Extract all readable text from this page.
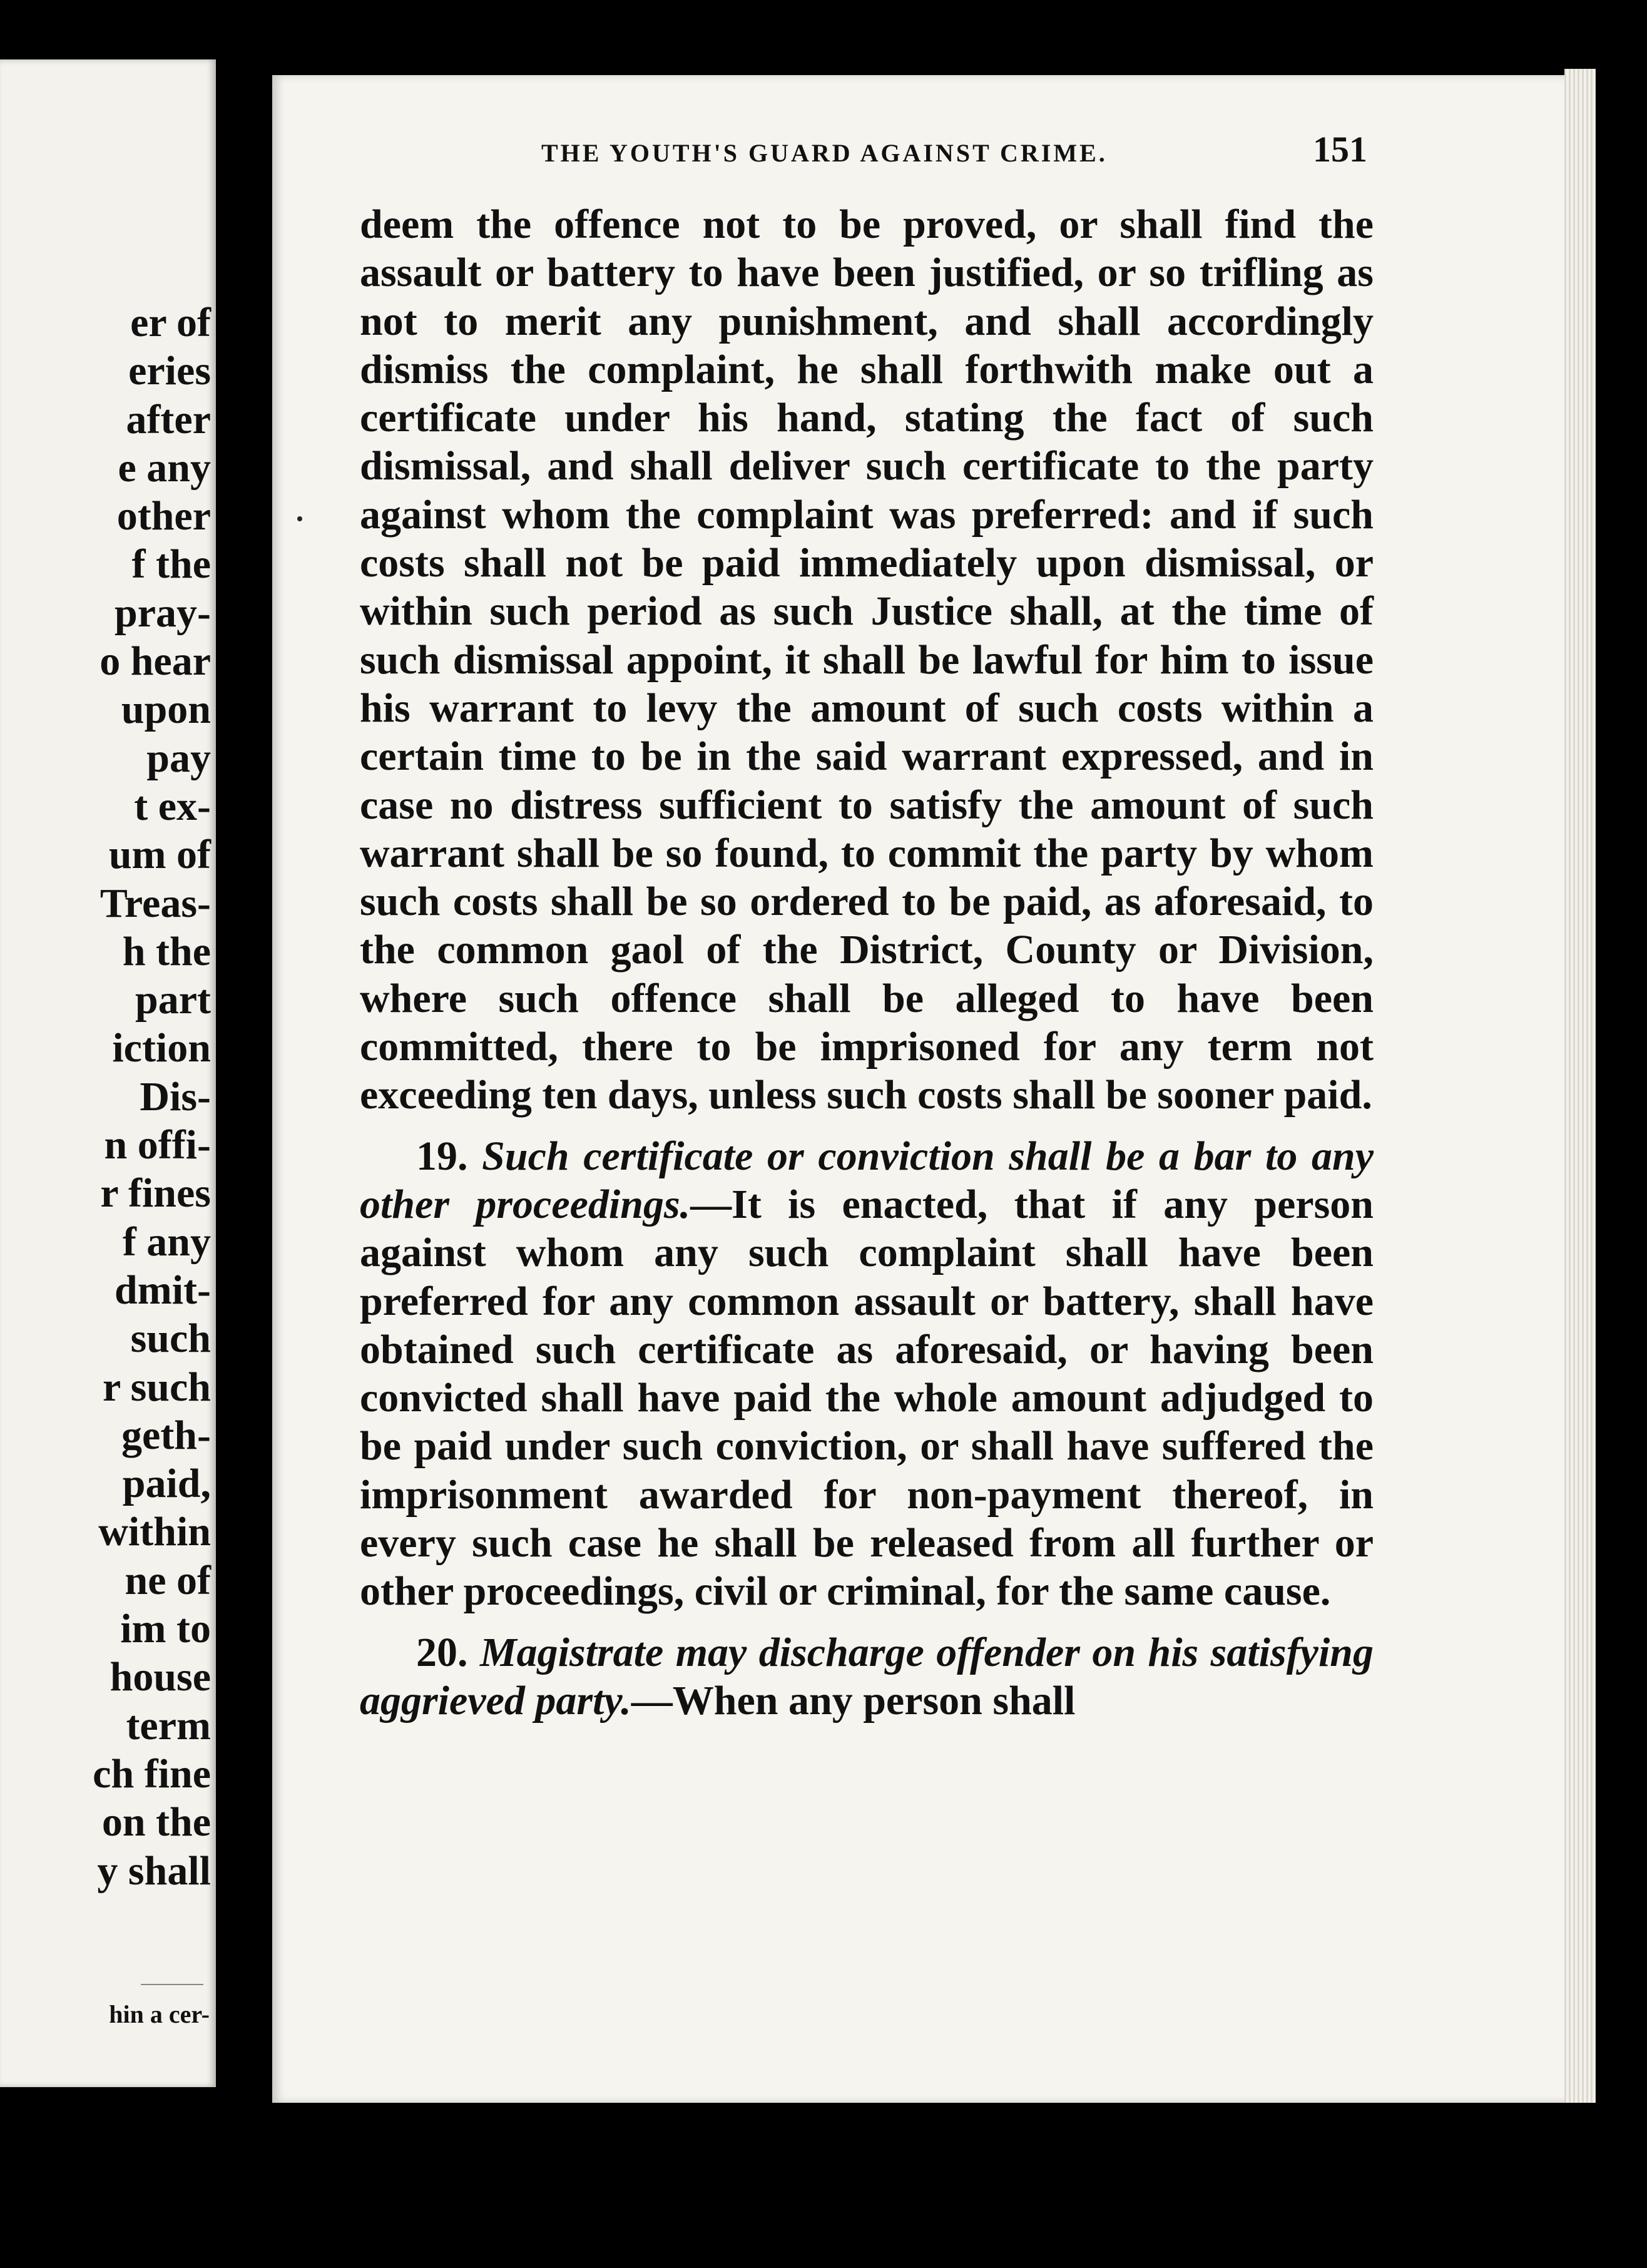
er of
eries
after
e any
other
f the
pray-
o hear
upon
pay
t ex-
um of
Treas-
h the
part
iction
Dis-
n offi-
r fines
f any
dmit-
such
r such
geth-
paid,
within
ne of
im to
house
term
ch fine
on the
y shall
hin a cer-
THE YOUTH'S GUARD AGAINST CRIME.	151

deem the offence not to be proved, or shall find the assault or battery to have been justified, or so trifling as not to merit any punishment, and shall accordingly dismiss the complaint, he shall forthwith make out a certificate under his hand, stating the fact of such dismissal, and shall deliver such certificate to the party against whom the complaint was preferred: and if such costs shall not be paid immediately upon dismissal, or within such period as such Justice shall, at the time of such dismissal appoint, it shall be lawful for him to issue his warrant to levy the amount of such costs within a certain time to be in the said warrant expressed, and in case no distress sufficient to satisfy the amount of such warrant shall be so found, to commit the party by whom such costs shall be so ordered to be paid, as aforesaid, to the common gaol of the District, County or Division, where such offence shall be alleged to have been committed, there to be imprisoned for any term not exceeding ten days, unless such costs shall be sooner paid.

19. Such certificate or conviction shall be a bar to any other proceedings.—It is enacted, that if any person against whom any such complaint shall have been preferred for any common assault or battery, shall have obtained such certificate as aforesaid, or having been convicted shall have paid the whole amount adjudged to be paid under such conviction, or shall have suffered the imprisonment awarded for non-payment thereof, in every such case he shall be released from all further or other proceedings, civil or criminal, for the same cause.

20. Magistrate may discharge offender on his satisfying aggrieved party.—When any person shall
